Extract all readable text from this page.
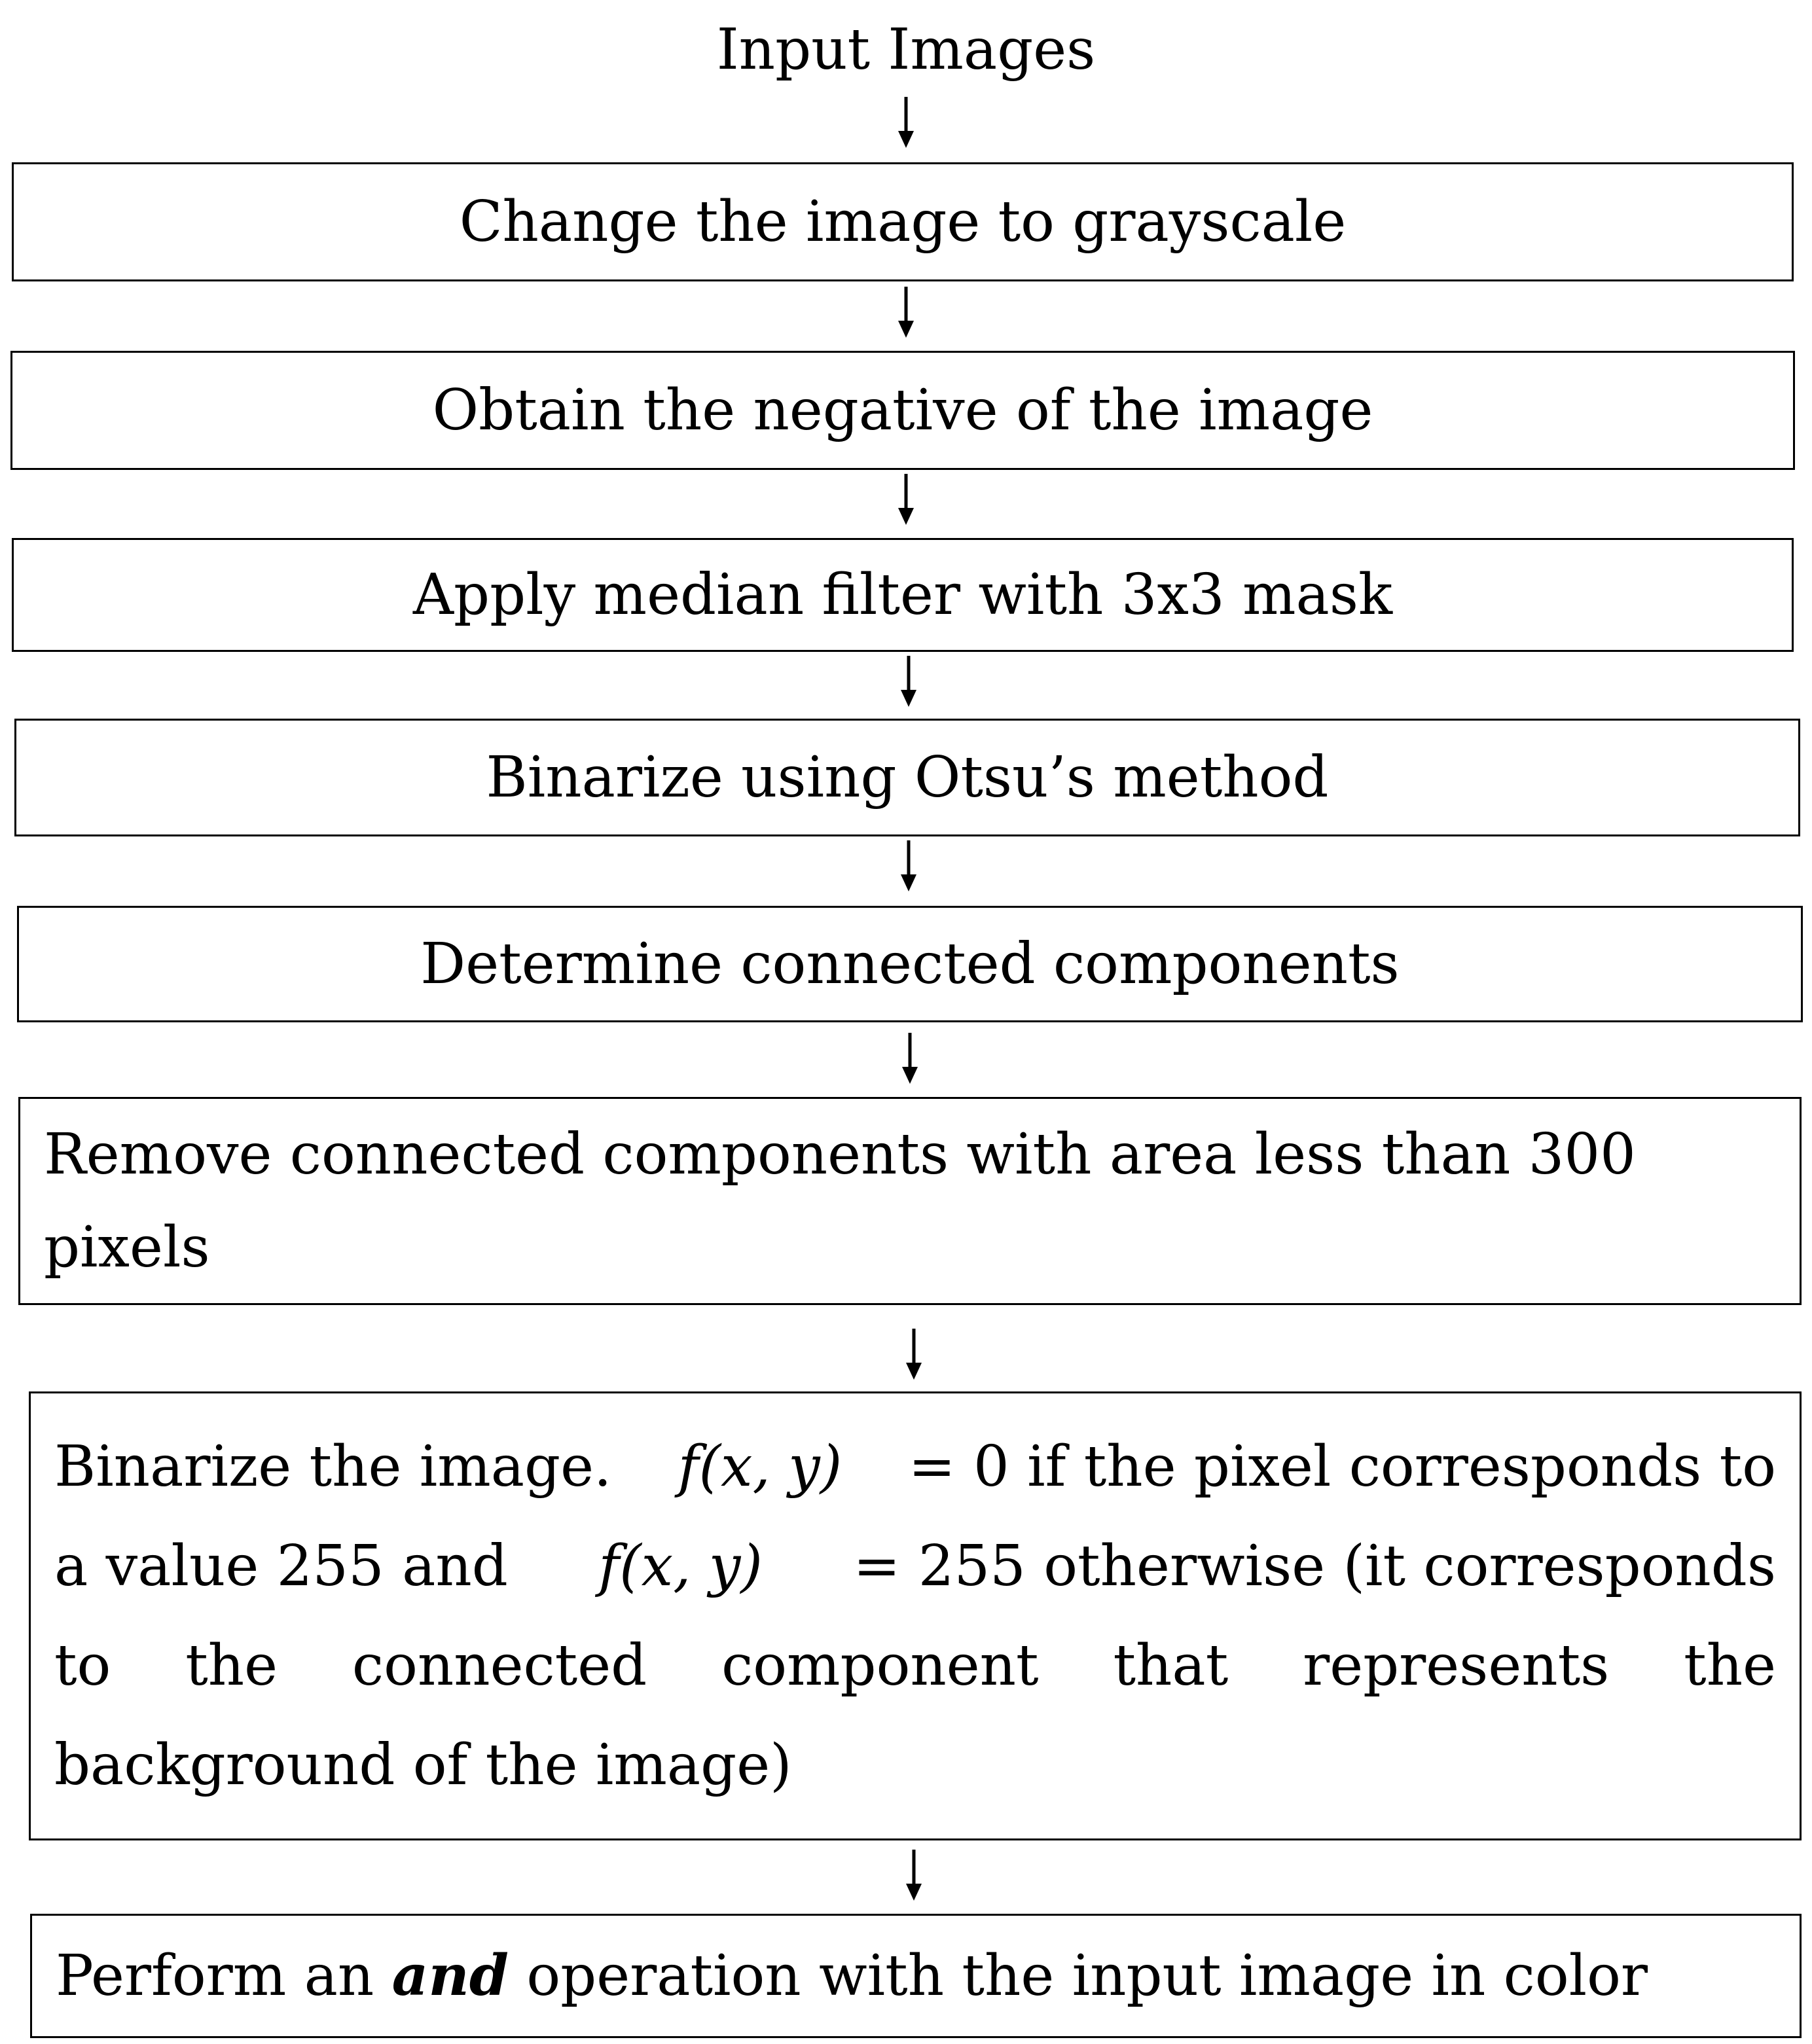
Input Images
Change the image to grayscale
Obtain the negative of the image
Apply median filter with 3x3 mask
Binarize using Otsu’s method
Determine connected components
Remove connected components with area less than 300
pixels
Binarize the image. f(x, y) = 0 if the pixel corresponds to
a value 255 and f(x, y) = 255 otherwise (it corresponds
to the connected component that represents the
background of the image)
Perform an and operation with the input image in color
